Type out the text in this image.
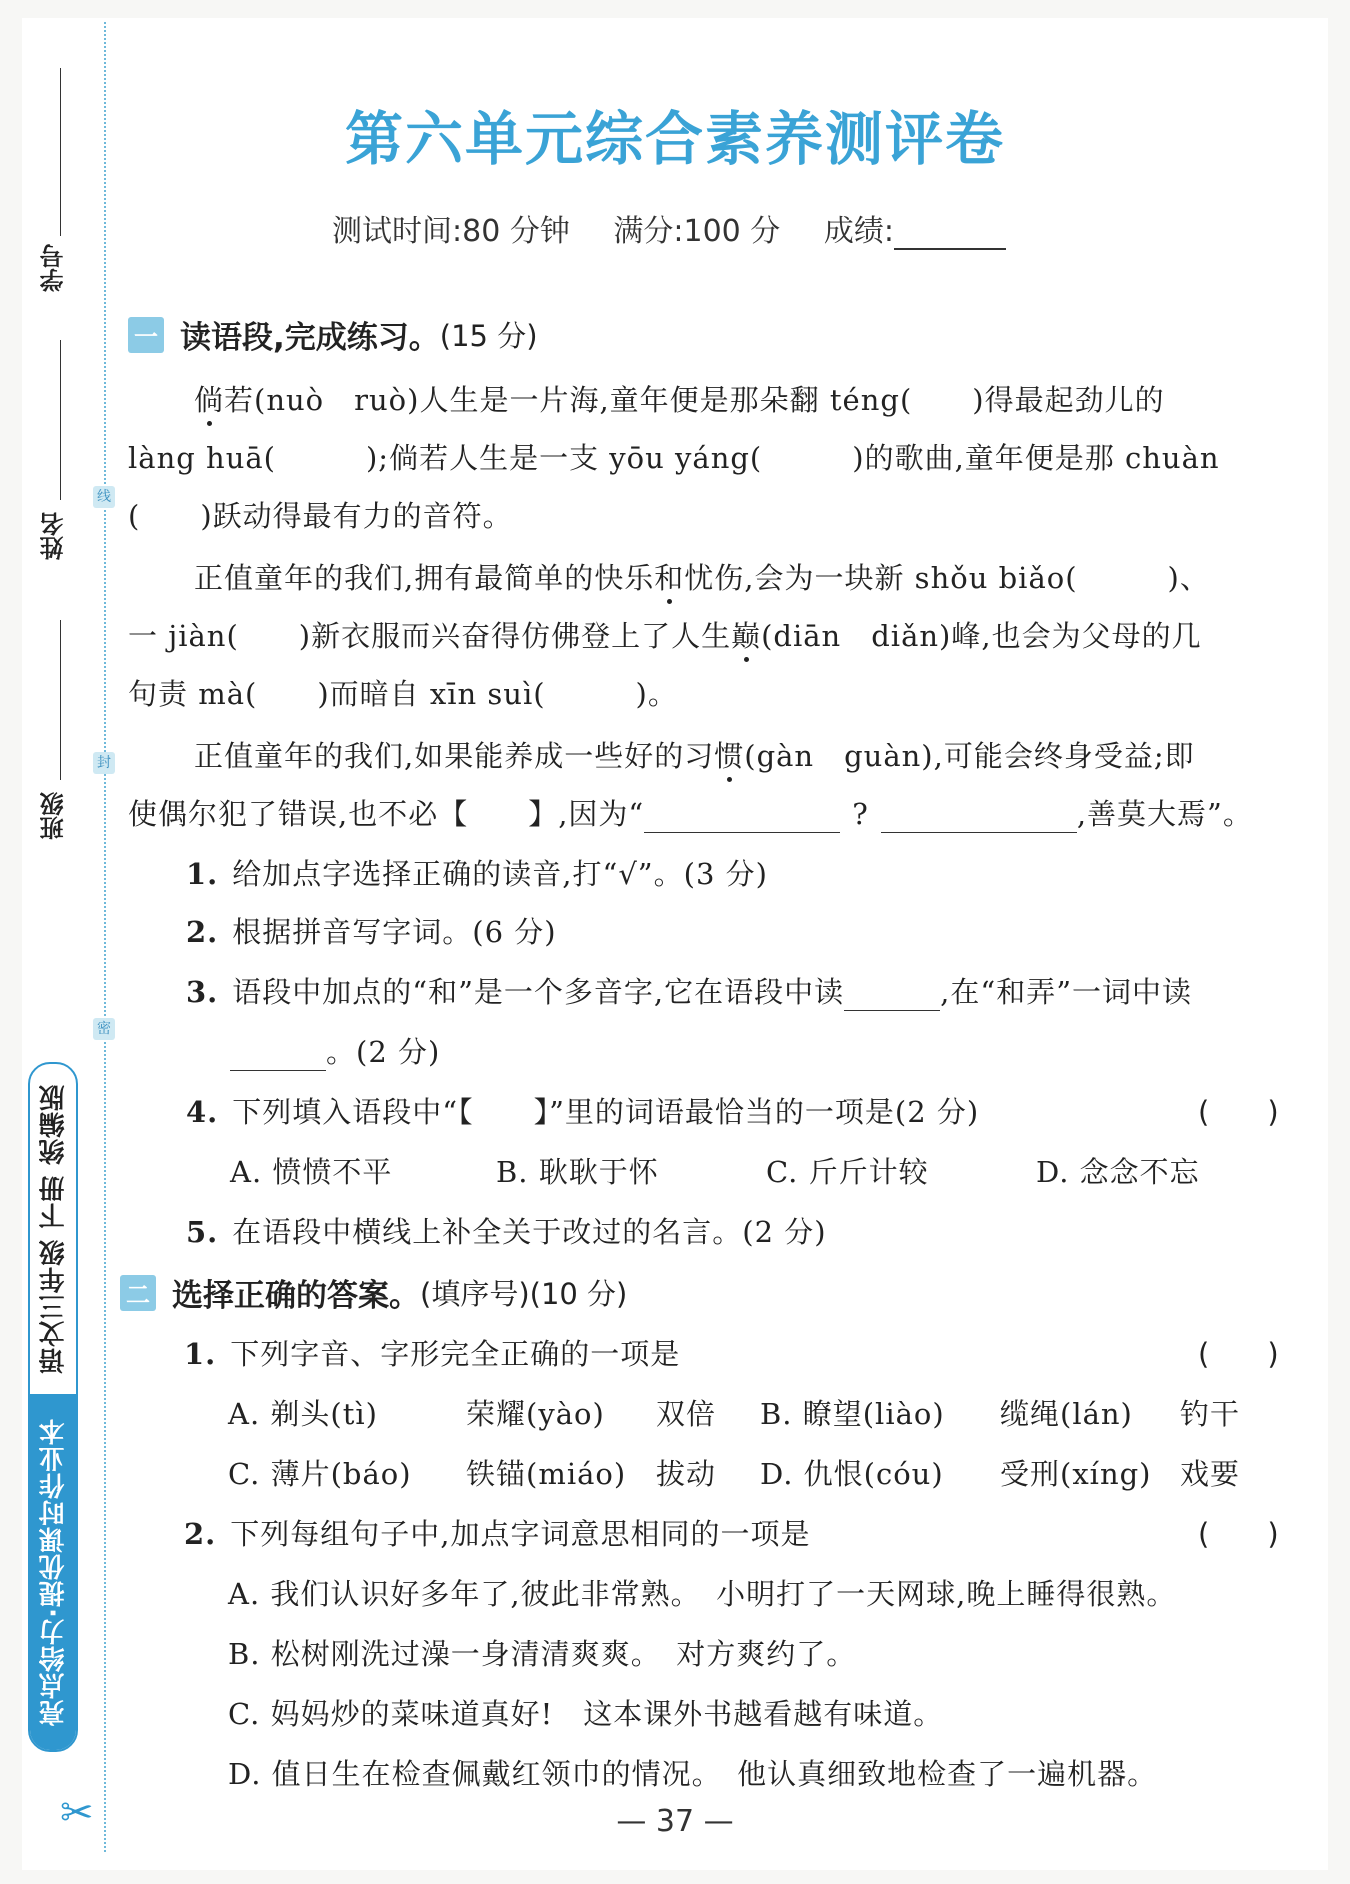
学号
姓名
班级
线
封
密
语文三年级 下册 统编版
亮点给力·提优课时作业本
✂
第六单元综合素养测评卷
测试时间:80 分钟 满分:100 分 成绩:
一 读语段,完成练习。 (15 分)
倘若(nuò　ruò)人生是一片海,童年便是那朵翻 téng(　　)得最起劲儿的
làng huā(　　　);倘若人生是一支 yōu yáng(　　　)的歌曲,童年便是那 chuàn
(　　)跃动得最有力的音符。
正值童年的我们,拥有最简单的快乐和忧伤,会为一块新 shǒu biǎo(　　　)、
一 jiàn(　　)新衣服而兴奋得仿佛登上了人生巅(diān　diǎn)峰,也会为父母的几
句责 mà(　　)而暗自 xīn suì(　　　)。
正值童年的我们,如果能养成一些好的习惯(gàn　guàn),可能会终身受益;即
使偶尔犯了错误,也不必【　　】,因为“	?	,善莫大焉”。
1. 给加点字选择正确的读音,打“√”。(3 分)
2. 根据拼音写字词。(6 分)
3. 语段中加点的“和”是一个多音字,它在语段中读	,在“和弄”一词中读
。(2 分)
4. 下列填入语段中“【　　】”里的词语最恰当的一项是(2 分)	(　　)
A. 愤愤不平	B. 耿耿于怀	C. 斤斤计较	D. 念念不忘
5. 在语段中横线上补全关于改过的名言。(2 分)
二 选择正确的答案。 (填序号)(10 分)
1. 下列字音、字形完全正确的一项是	(　　)
A. 剃头(tì)	荣耀(yào) 双倍 B. 瞭望(liào) 缆绳(lán) 钓干
C. 薄片(báo) 铁锚(miáo) 拔动 D. 仇恨(cóu) 受刑(xíng) 戏要
2. 下列每组句子中,加点字词意思相同的一项是	(　　)
A. 我们认识好多年了,彼此非常熟。　小明打了一天网球,晚上睡得很熟。
B. 松树刚洗过澡一身清清爽爽。　对方爽约了。
C. 妈妈炒的菜味道真好!　这本课外书越看越有味道。
D. 值日生在检查佩戴红领巾的情况。　他认真细致地检查了一遍机器。
— 37 —
